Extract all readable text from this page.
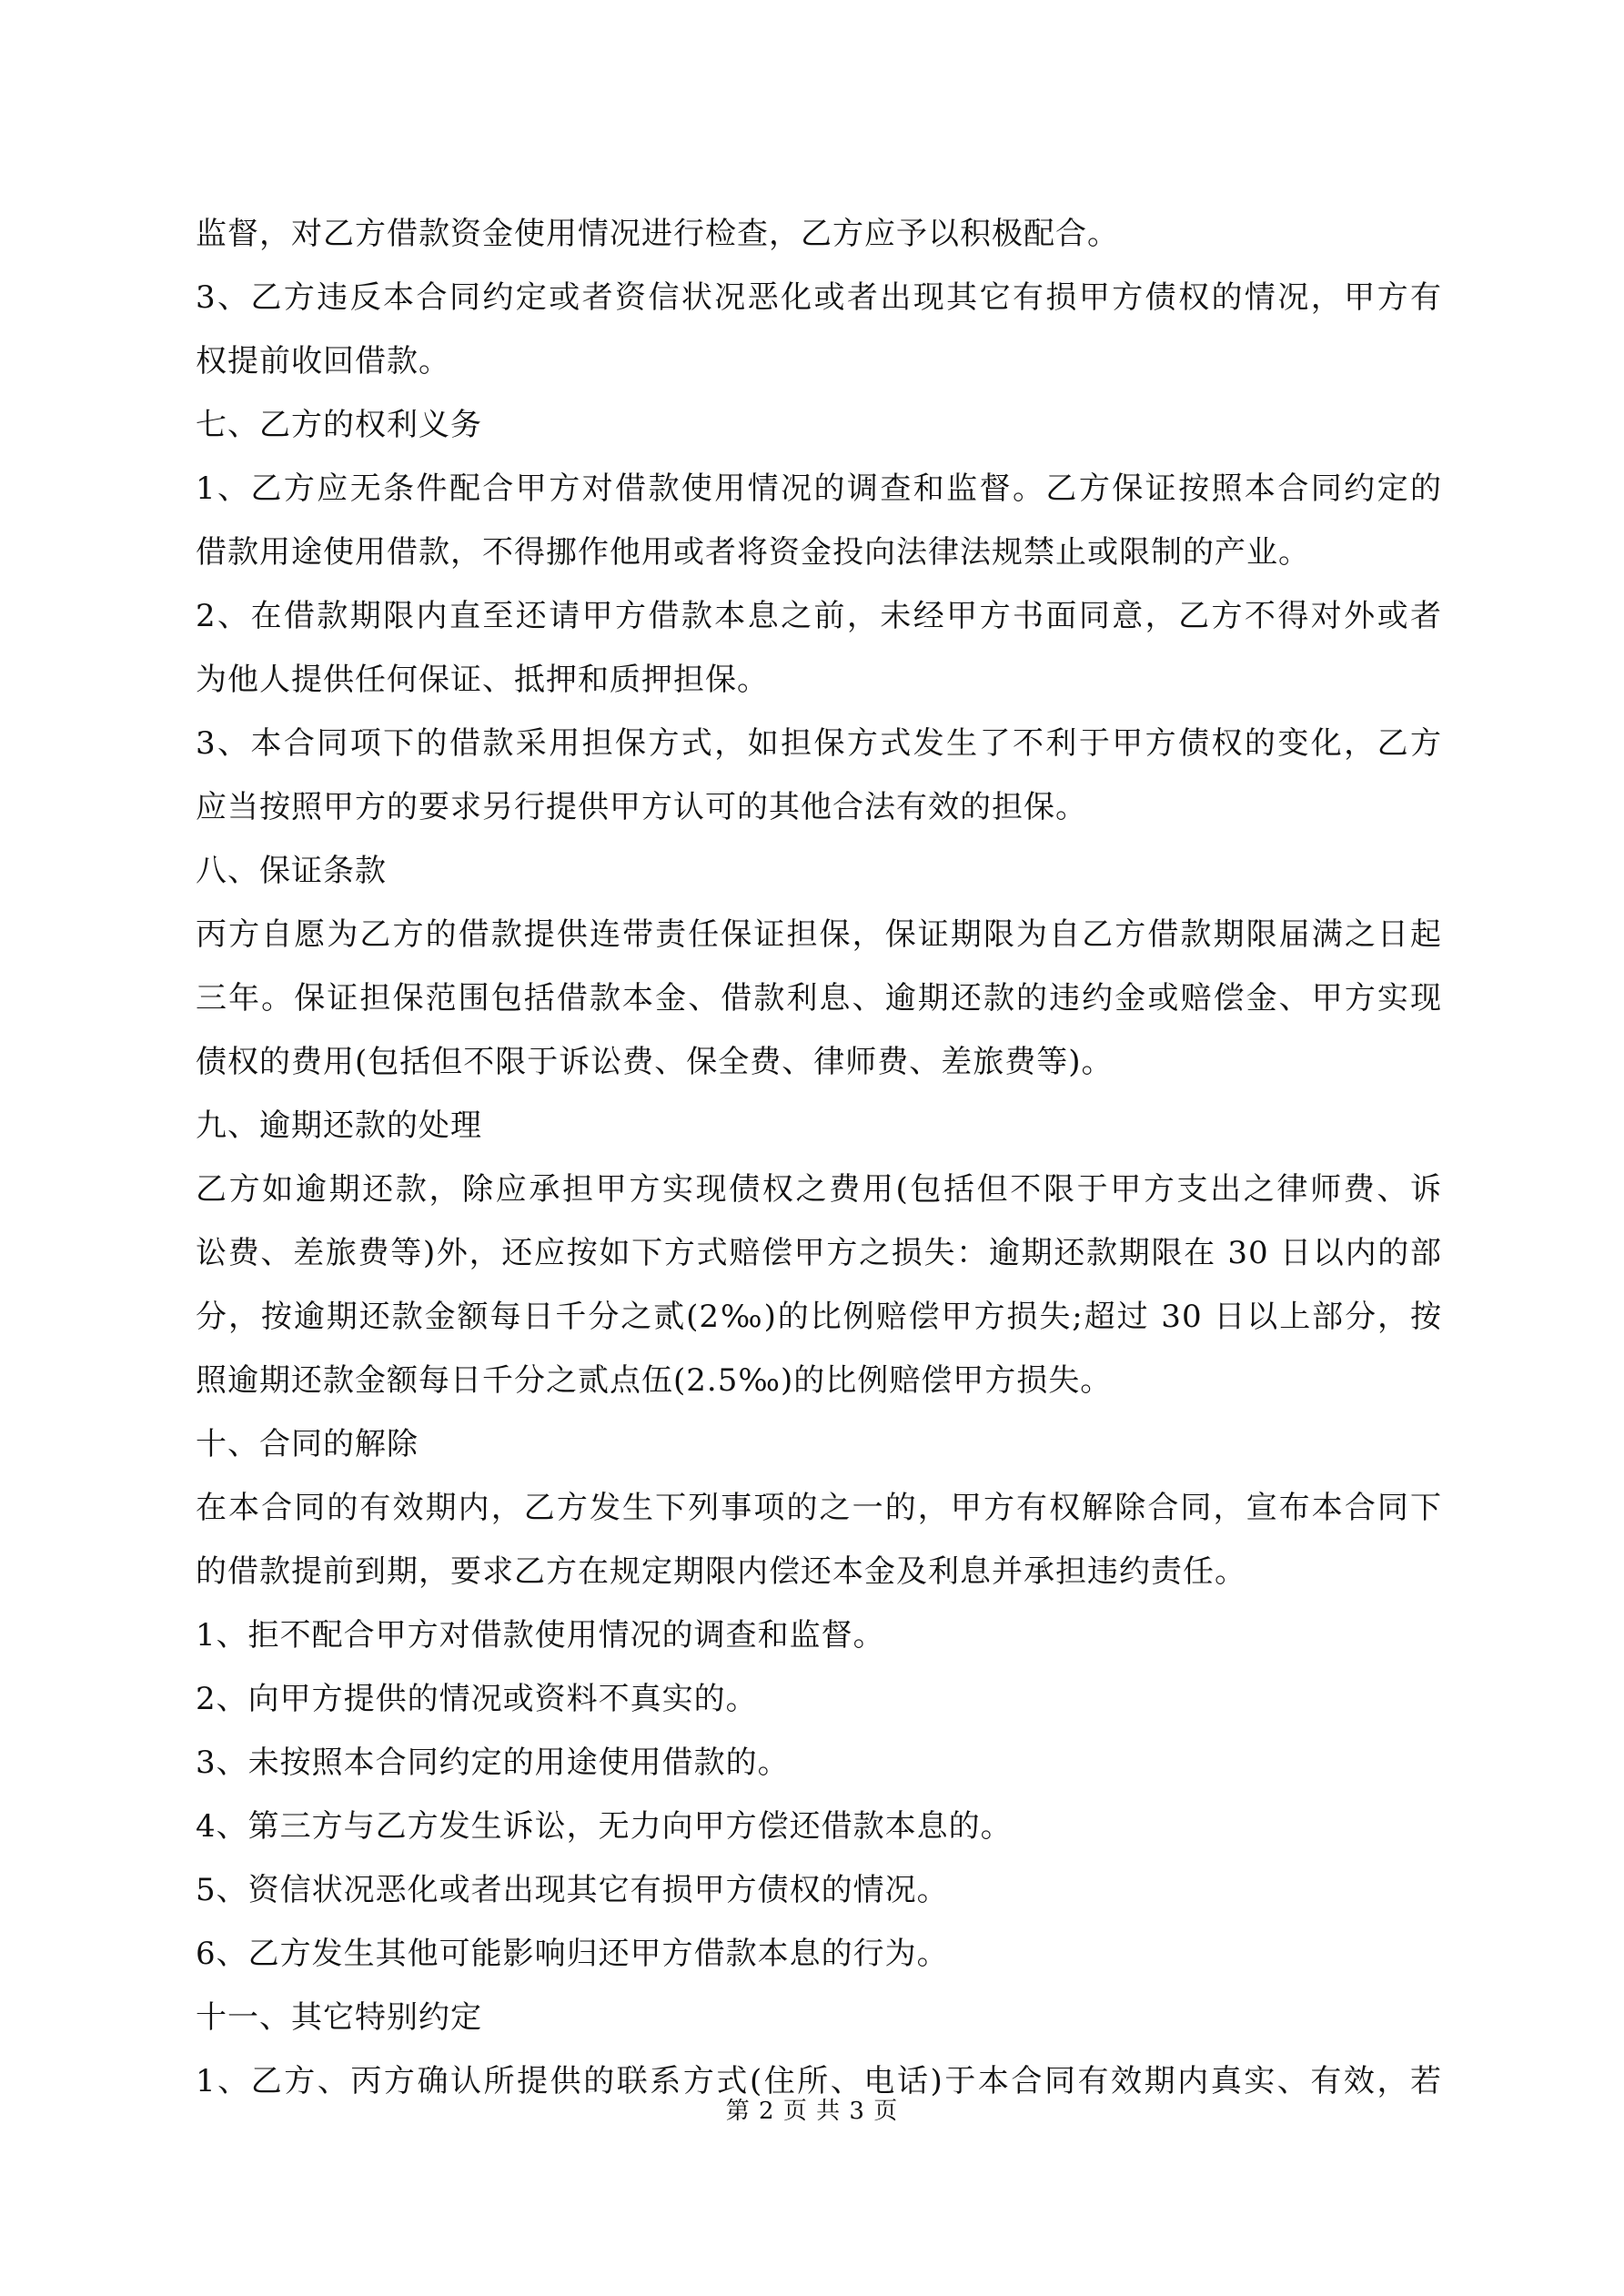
监督，对乙方借款资金使用情况进行检查，乙方应予以积极配合。
3、乙方违反本合同约定或者资信状况恶化或者出现其它有损甲方债权的情况，甲方有
权提前收回借款。
七、乙方的权利义务
1、乙方应无条件配合甲方对借款使用情况的调查和监督。乙方保证按照本合同约定的
借款用途使用借款，不得挪作他用或者将资金投向法律法规禁止或限制的产业。
2、在借款期限内直至还请甲方借款本息之前，未经甲方书面同意，乙方不得对外或者
为他人提供任何保证、抵押和质押担保。
3、本合同项下的借款采用担保方式，如担保方式发生了不利于甲方债权的变化，乙方
应当按照甲方的要求另行提供甲方认可的其他合法有效的担保。
八、保证条款
丙方自愿为乙方的借款提供连带责任保证担保，保证期限为自乙方借款期限届满之日起
三年。保证担保范围包括借款本金、借款利息、逾期还款的违约金或赔偿金、甲方实现
债权的费用(包括但不限于诉讼费、保全费、律师费、差旅费等)。
九、逾期还款的处理
乙方如逾期还款，除应承担甲方实现债权之费用(包括但不限于甲方支出之律师费、诉
讼费、差旅费等)外，还应按如下方式赔偿甲方之损失：逾期还款期限在 30 日以内的部
分，按逾期还款金额每日千分之贰(2‰)的比例赔偿甲方损失;超过 30 日以上部分，按
照逾期还款金额每日千分之贰点伍(2.5‰)的比例赔偿甲方损失。
十、合同的解除
在本合同的有效期内，乙方发生下列事项的之一的，甲方有权解除合同，宣布本合同下
的借款提前到期，要求乙方在规定期限内偿还本金及利息并承担违约责任。
1、拒不配合甲方对借款使用情况的调查和监督。
2、向甲方提供的情况或资料不真实的。
3、未按照本合同约定的用途使用借款的。
4、第三方与乙方发生诉讼，无力向甲方偿还借款本息的。
5、资信状况恶化或者出现其它有损甲方债权的情况。
6、乙方发生其他可能影响归还甲方借款本息的行为。
十一、其它特别约定
1、乙方、丙方确认所提供的联系方式(住所、电话)于本合同有效期内真实、有效，若
第 2 页 共 3 页
